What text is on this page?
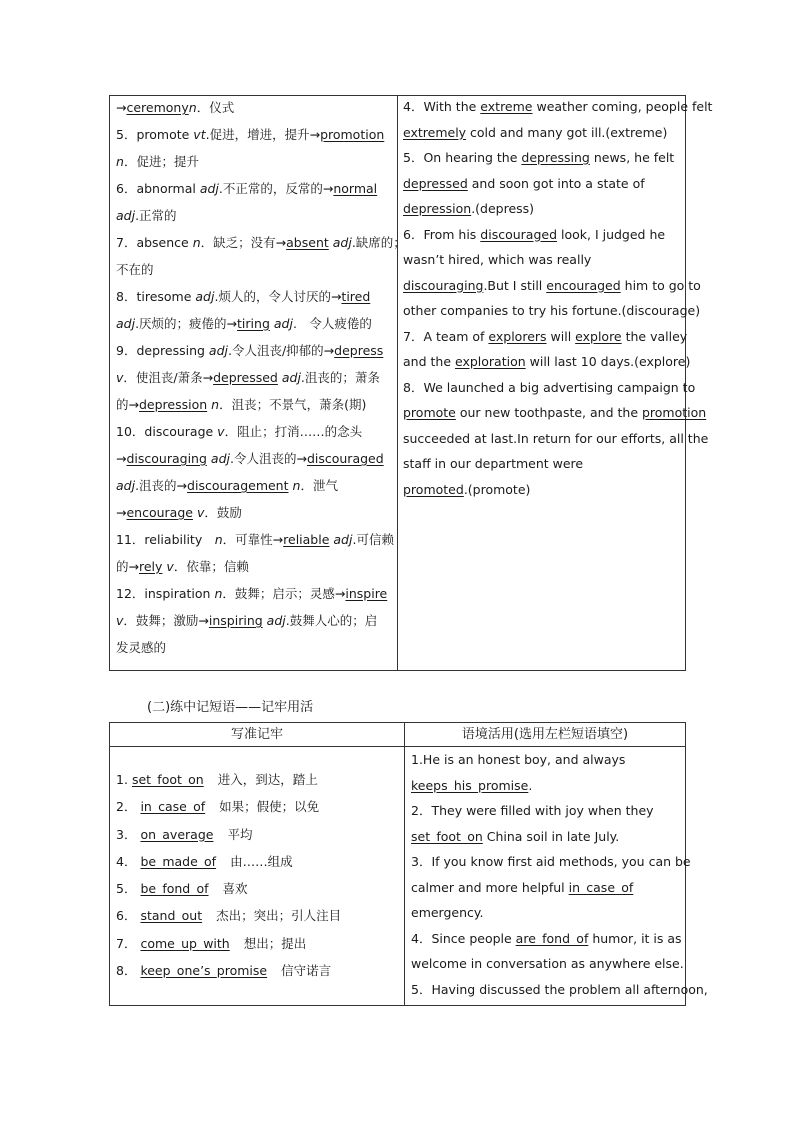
→ceremonyn．仪式
5．promote vt.促进，增进，提升→promotion
n．促进；提升
6．abnormal adj.不正常的，反常的→normal
adj.正常的
7．absence n．缺乏；没有→absent adj.缺席的；
不在的
8．tiresome adj.烦人的，令人讨厌的→tired
adj.厌烦的；疲倦的→tiring adj.　令人疲倦的
9．depressing adj.令人沮丧/抑郁的→depress
v．使沮丧/萧条→depressed adj.沮丧的；萧条
的→depression n．沮丧；不景气，萧条(期)
10．discourage v．阻止；打消……的念头
→discouraging adj.令人沮丧的→discouraged
adj.沮丧的→discouragement n．泄气
→encourage v．鼓励
11．reliability　n．可靠性→reliable adj.可信赖
的→rely v．依靠；信赖
12．inspiration n．鼓舞；启示；灵感→inspire
v．鼓舞；激励→inspiring adj.鼓舞人心的；启
发灵感的
4．With the extreme weather coming, people felt
extremely cold and many got ill.(extreme)
5．On hearing the depressing news, he felt
depressed and soon got into a state of
depression.(depress)
6．From his discouraged look, I judged he
wasn’t hired, which was really
discouraging.But I still encouraged him to go to
other companies to try his fortune.(discourage)
7．A team of explorers will explore the valley
and the exploration will last 10 days.(explore)
8．We launched a big advertising campaign to
promote our new toothpaste, and the promotion
succeeded at last.In return for our efforts, all the
staff in our department were
promoted.(promote)
(二)练中记短语——记牢用活
写准记牢	语境活用(选用左栏短语填空)
1. set_foot_on 进入，到达，踏上
2． in_case_of 如果；假使；以免
3． on_average 平均
4． be_made_of 由……组成
5． be_fond_of 喜欢
6． stand_out 杰出；突出；引人注目
7． come_up_with 想出；提出
8． keep_one’s_promise 信守诺言
1.He is an honest boy, and always
keeps_his_promise.
2．They were filled with joy when they
set_foot_on China soil in late July.
3．If you know first aid methods, you can be
calmer and more helpful in_case_of
emergency.
4．Since people are_fond_of humor, it is as
welcome in conversation as anywhere else.
5．Having discussed the problem all afternoon,
